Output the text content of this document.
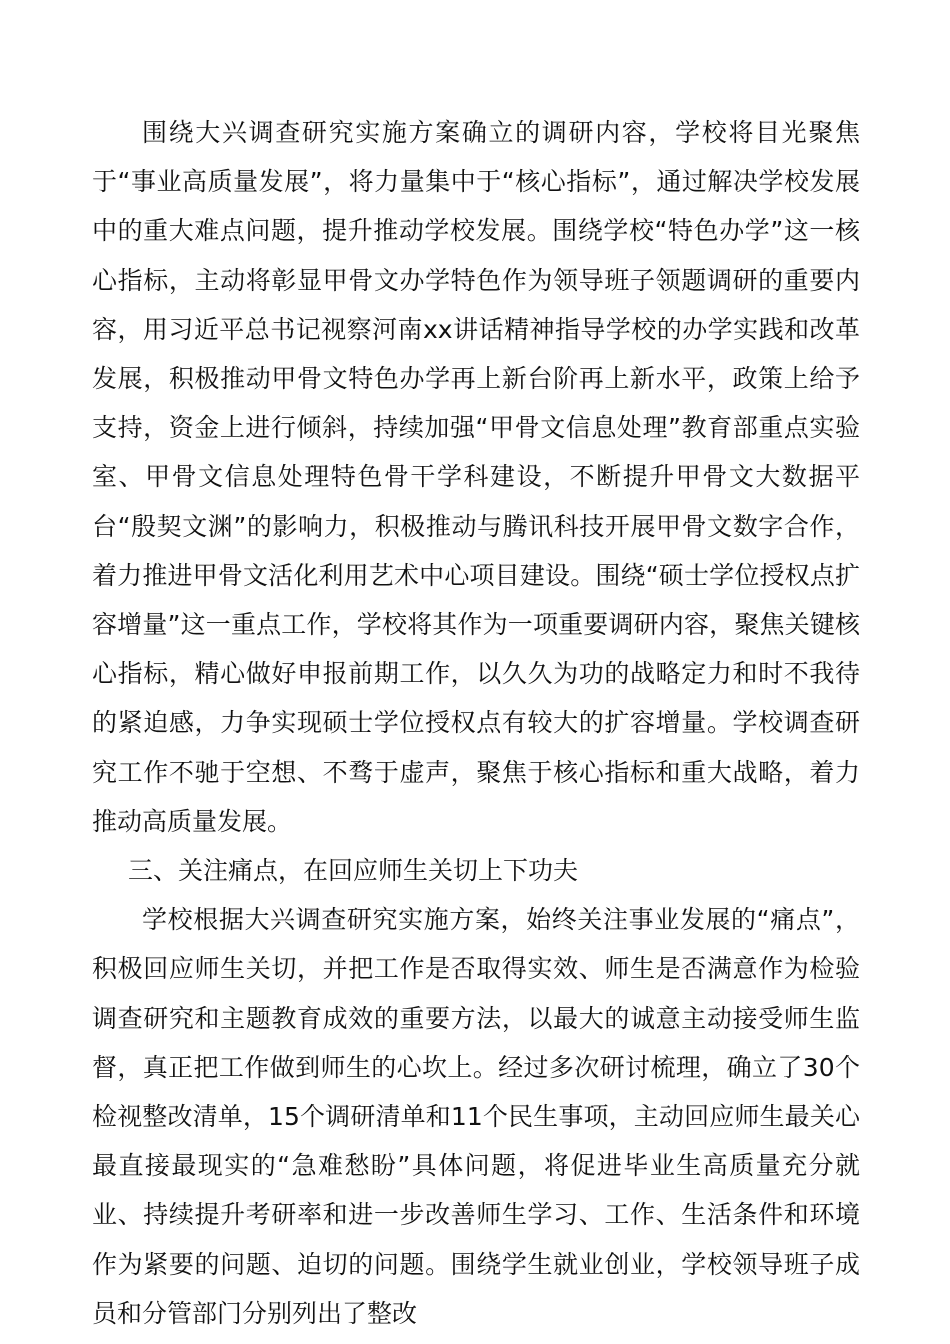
围绕大兴调查研究实施方案确立的调研内容，学校将目光聚焦于“事业高质量发展”，将力量集中于“核心指标”，通过解决学校发展中的重大难点问题，提升推动学校发展。围绕学校“特色办学”这一核心指标，主动将彰显甲骨文办学特色作为领导班子领题调研的重要内容，用习近平总书记视察河南xx讲话精神指导学校的办学实践和改革发展，积极推动甲骨文特色办学再上新台阶再上新水平，政策上给予支持，资金上进行倾斜，持续加强“甲骨文信息处理”教育部重点实验室、甲骨文信息处理特色骨干学科建设，不断提升甲骨文大数据平台“殷契文渊”的影响力，积极推动与腾讯科技开展甲骨文数字合作，着力推进甲骨文活化利用艺术中心项目建设。围绕“硕士学位授权点扩容增量”这一重点工作，学校将其作为一项重要调研内容，聚焦关键核心指标，精心做好申报前期工作，以久久为功的战略定力和时不我待的紧迫感，力争实现硕士学位授权点有较大的扩容增量。学校调查研究工作不驰于空想、不骛于虚声，聚焦于核心指标和重大战略，着力推动高质量发展。

三、关注痛点，在回应师生关切上下功夫

学校根据大兴调查研究实施方案，始终关注事业发展的“痛点”，积极回应师生关切，并把工作是否取得实效、师生是否满意作为检验调查研究和主题教育成效的重要方法，以最大的诚意主动接受师生监督，真正把工作做到师生的心坎上。经过多次研讨梳理，确立了30个检视整改清单，15个调研清单和11个民生事项，主动回应师生最关心最直接最现实的“急难愁盼”具体问题，将促进毕业生高质量充分就业、持续提升考研率和进一步改善师生学习、工作、生活条件和环境作为紧要的问题、迫切的问题。围绕学生就业创业，学校领导班子成员和分管部门分别列出了整改
